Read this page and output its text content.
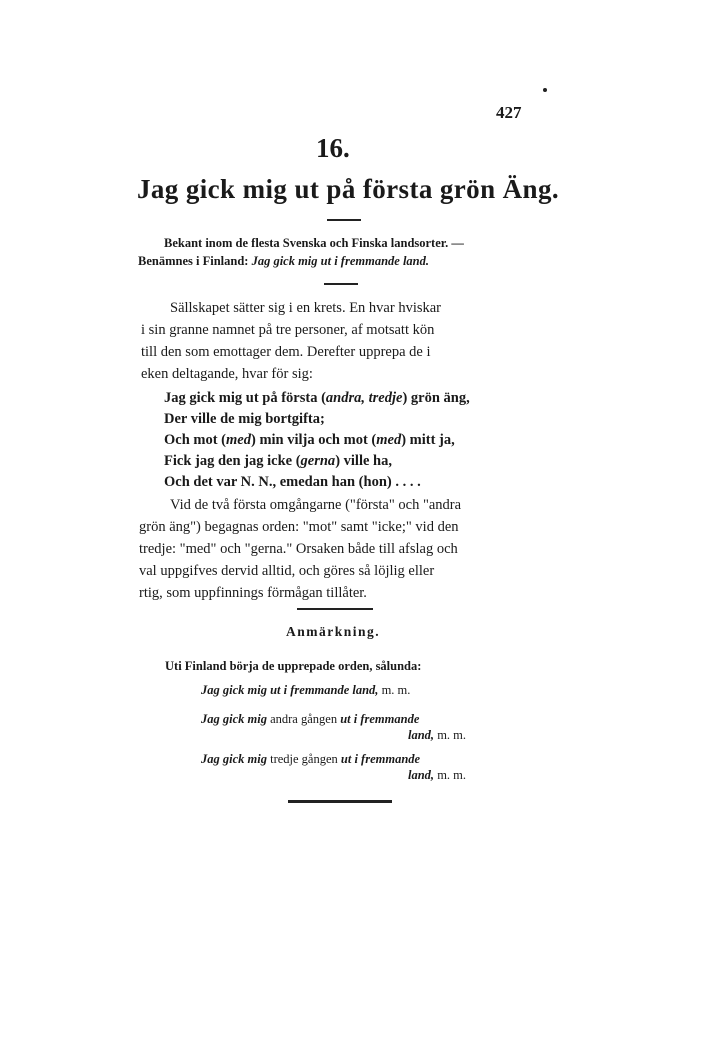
427
16.
Jag gick mig ut på första grön Äng.
Bekant inom de flesta Svenska och Finska landsorter. —
Benämnes i Finland: Jag gick mig ut i fremmande land.
Sällskapet sätter sig i en krets. En hvar hviskar
i sin granne namnet på tre personer, af motsatt kön
till den som emottager dem. Derefter upprepa de i
eken deltagande, hvar för sig:
Jag gick mig ut på första (andra, tredje) grön äng,
Der ville de mig bortgifta;
Och mot (med) min vilja och mot (med) mitt ja,
Fick jag den jag icke (gerna) ville ha,
Och det var N. N., emedan han (hon) . . . .
Vid de två första omgångarne ("första" och "andra
grön äng") begagnas orden: "mot" samt "icke;" vid den
tredje: "med" och "gerna." Orsaken både till afslag och
val uppgifves dervid alltid, och göres så löjlig eller
rtig, som uppfinnings förmågan tillåter.
Anmärkning.
Uti Finland börja de upprepade orden, sålunda:
Jag gick mig ut i fremmande land, m. m.
Jag gick mig andra gången ut i fremmande
land, m. m.
Jag gick mig tredje gången ut i fremmande
land, m. m.
